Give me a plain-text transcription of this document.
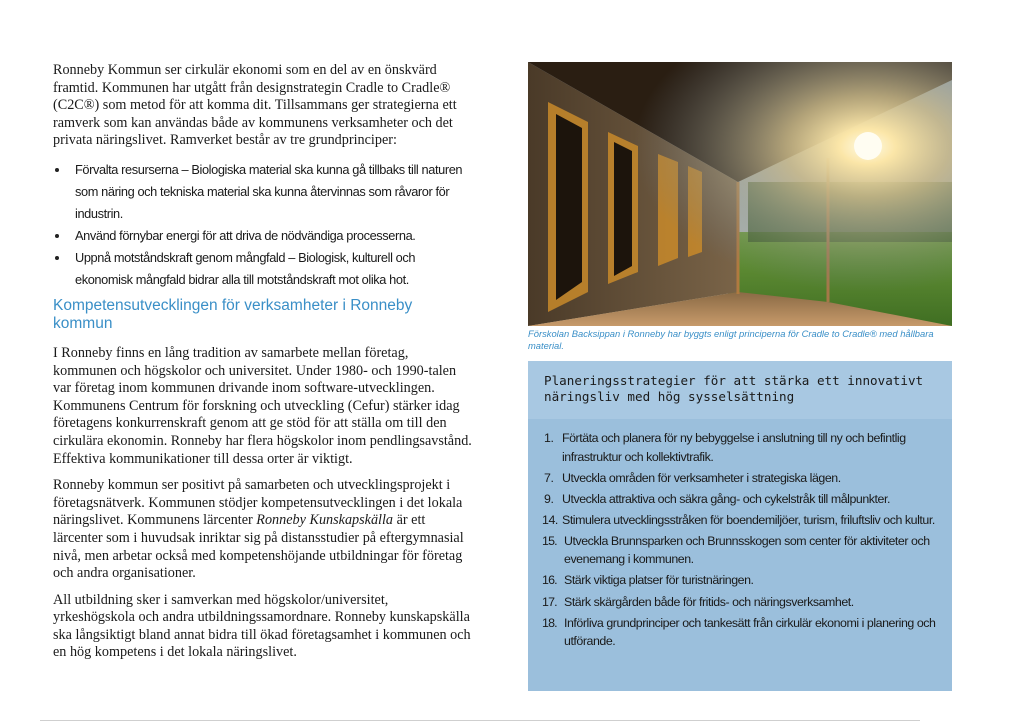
Ronneby Kommun ser cirkulär ekonomi som en del av en önskvärd framtid. Kommunen har utgått från designstrategin Cradle to Cradle® (C2C®) som metod för att komma dit. Tillsammans ger strategierna ett ramverk som kan användas både av kommunens verksamheter och det privata näringslivet. Ramverket består av tre grundprinciper:

Förvalta resurserna – Biologiska material ska kunna gå tillbaks till naturen som näring och tekniska material ska kunna återvinnas som råvaror för industrin.
Använd förnybar energi för att driva de nödvändiga processerna.
Uppnå motståndskraft genom mångfald – Biologisk, kulturell och ekonomisk mångfald bidrar alla till motståndskraft mot olika hot.
Kompetensutvecklingen för verksamheter i Ronneby kommun

I Ronneby finns en lång tradition av samarbete mellan företag, kommunen och högskolor och universitet. Under 1980- och 1990-talen var företag inom kommunen drivande inom software-utvecklingen. Kommunens Centrum för forskning och utveckling (Cefur) stärker idag företagens konkurrenskraft genom att ge stöd för att ställa om till den cirkulära ekonomin. Ronneby har flera högskolor inom pendlingsavstånd. Effektiva kommunikationer till dessa orter är viktigt.

Ronneby kommun ser positivt på samarbeten och utvecklingsprojekt i företagsnätverk. Kommunen stödjer kompetensutvecklingen i det lokala näringslivet. Kommunens lärcenter Ronneby Kunskapskälla är ett lärcenter som i huvudsak inriktar sig på distansstudier på eftergymnasial nivå, men arbetar också med kompetenshöjande utbildningar för företag och andra organisationer.

All utbildning sker i samverkan med högskolor/universitet, yrkeshögskola och andra utbildningssamordnare. Ronneby kunskapskälla ska långsiktigt bland annat bidra till ökad företagsamhet i kommunen och en hög kompetens i det lokala näringslivet.

Förskolan Backsippan i Ronneby har byggts enligt principerna för Cradle to Cradle® med hållbara material.
Planeringsstrategier för att stärka ett innovativt näringsliv med hög sysselsättning
1. Förtäta och planera för ny bebyggelse i anslutning till ny och befintlig infrastruktur och kollektivtrafik.
7. Utveckla områden för verksamheter i strategiska lägen.
9. Utveckla attraktiva och säkra gång- och cykelstråk till målpunkter.
14. Stimulera utvecklingsstråken för boendemiljöer, turism, friluftsliv och kultur.
15. Utveckla Brunnsparken och Brunnsskogen som center för aktiviteter och evenemang i kommunen.
16. Stärk viktiga platser för turistnäringen.
17. Stärk skärgården både för fritids- och näringsverksamhet.
18. Införliva grundprinciper och tankesätt från cirkulär ekonomi i planering och utförande.
